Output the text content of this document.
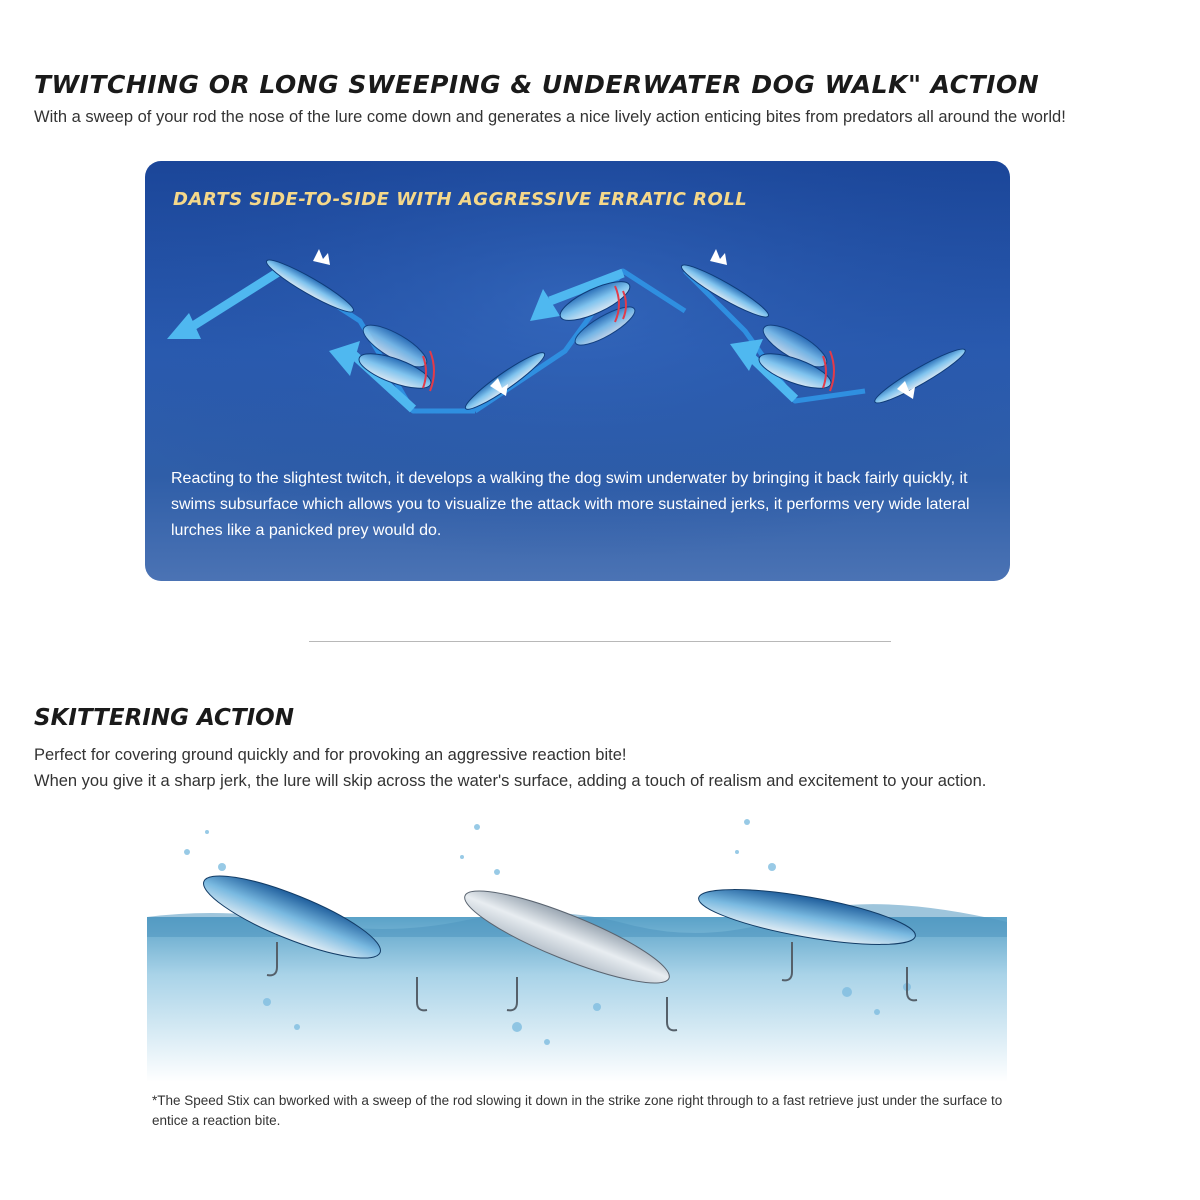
TWITCHING OR LONG SWEEPING & UNDERWATER DOG WALK" ACTION

With a sweep of your rod the nose of the lure come down and generates a nice lively action enticing bites from predators all around the world!

DARTS SIDE-TO-SIDE WITH AGGRESSIVE ERRATIC ROLL

Reacting to the slightest twitch, it develops a walking the dog swim underwater by bringing it back fairly quickly, it swims subsurface which allows you to visualize the attack with more sustained jerks, it performs very wide lateral lurches like a panicked prey would do.

SKITTERING ACTION

Perfect for covering ground quickly and for provoking an aggressive reaction bite!
When you give it a sharp jerk, the lure will skip across the water's surface, adding a touch of realism and excitement to your action.

*The Speed Stix can bworked with a sweep of the rod slowing it down in the strike zone right through to a fast retrieve just under the surface to entice a reaction bite.
